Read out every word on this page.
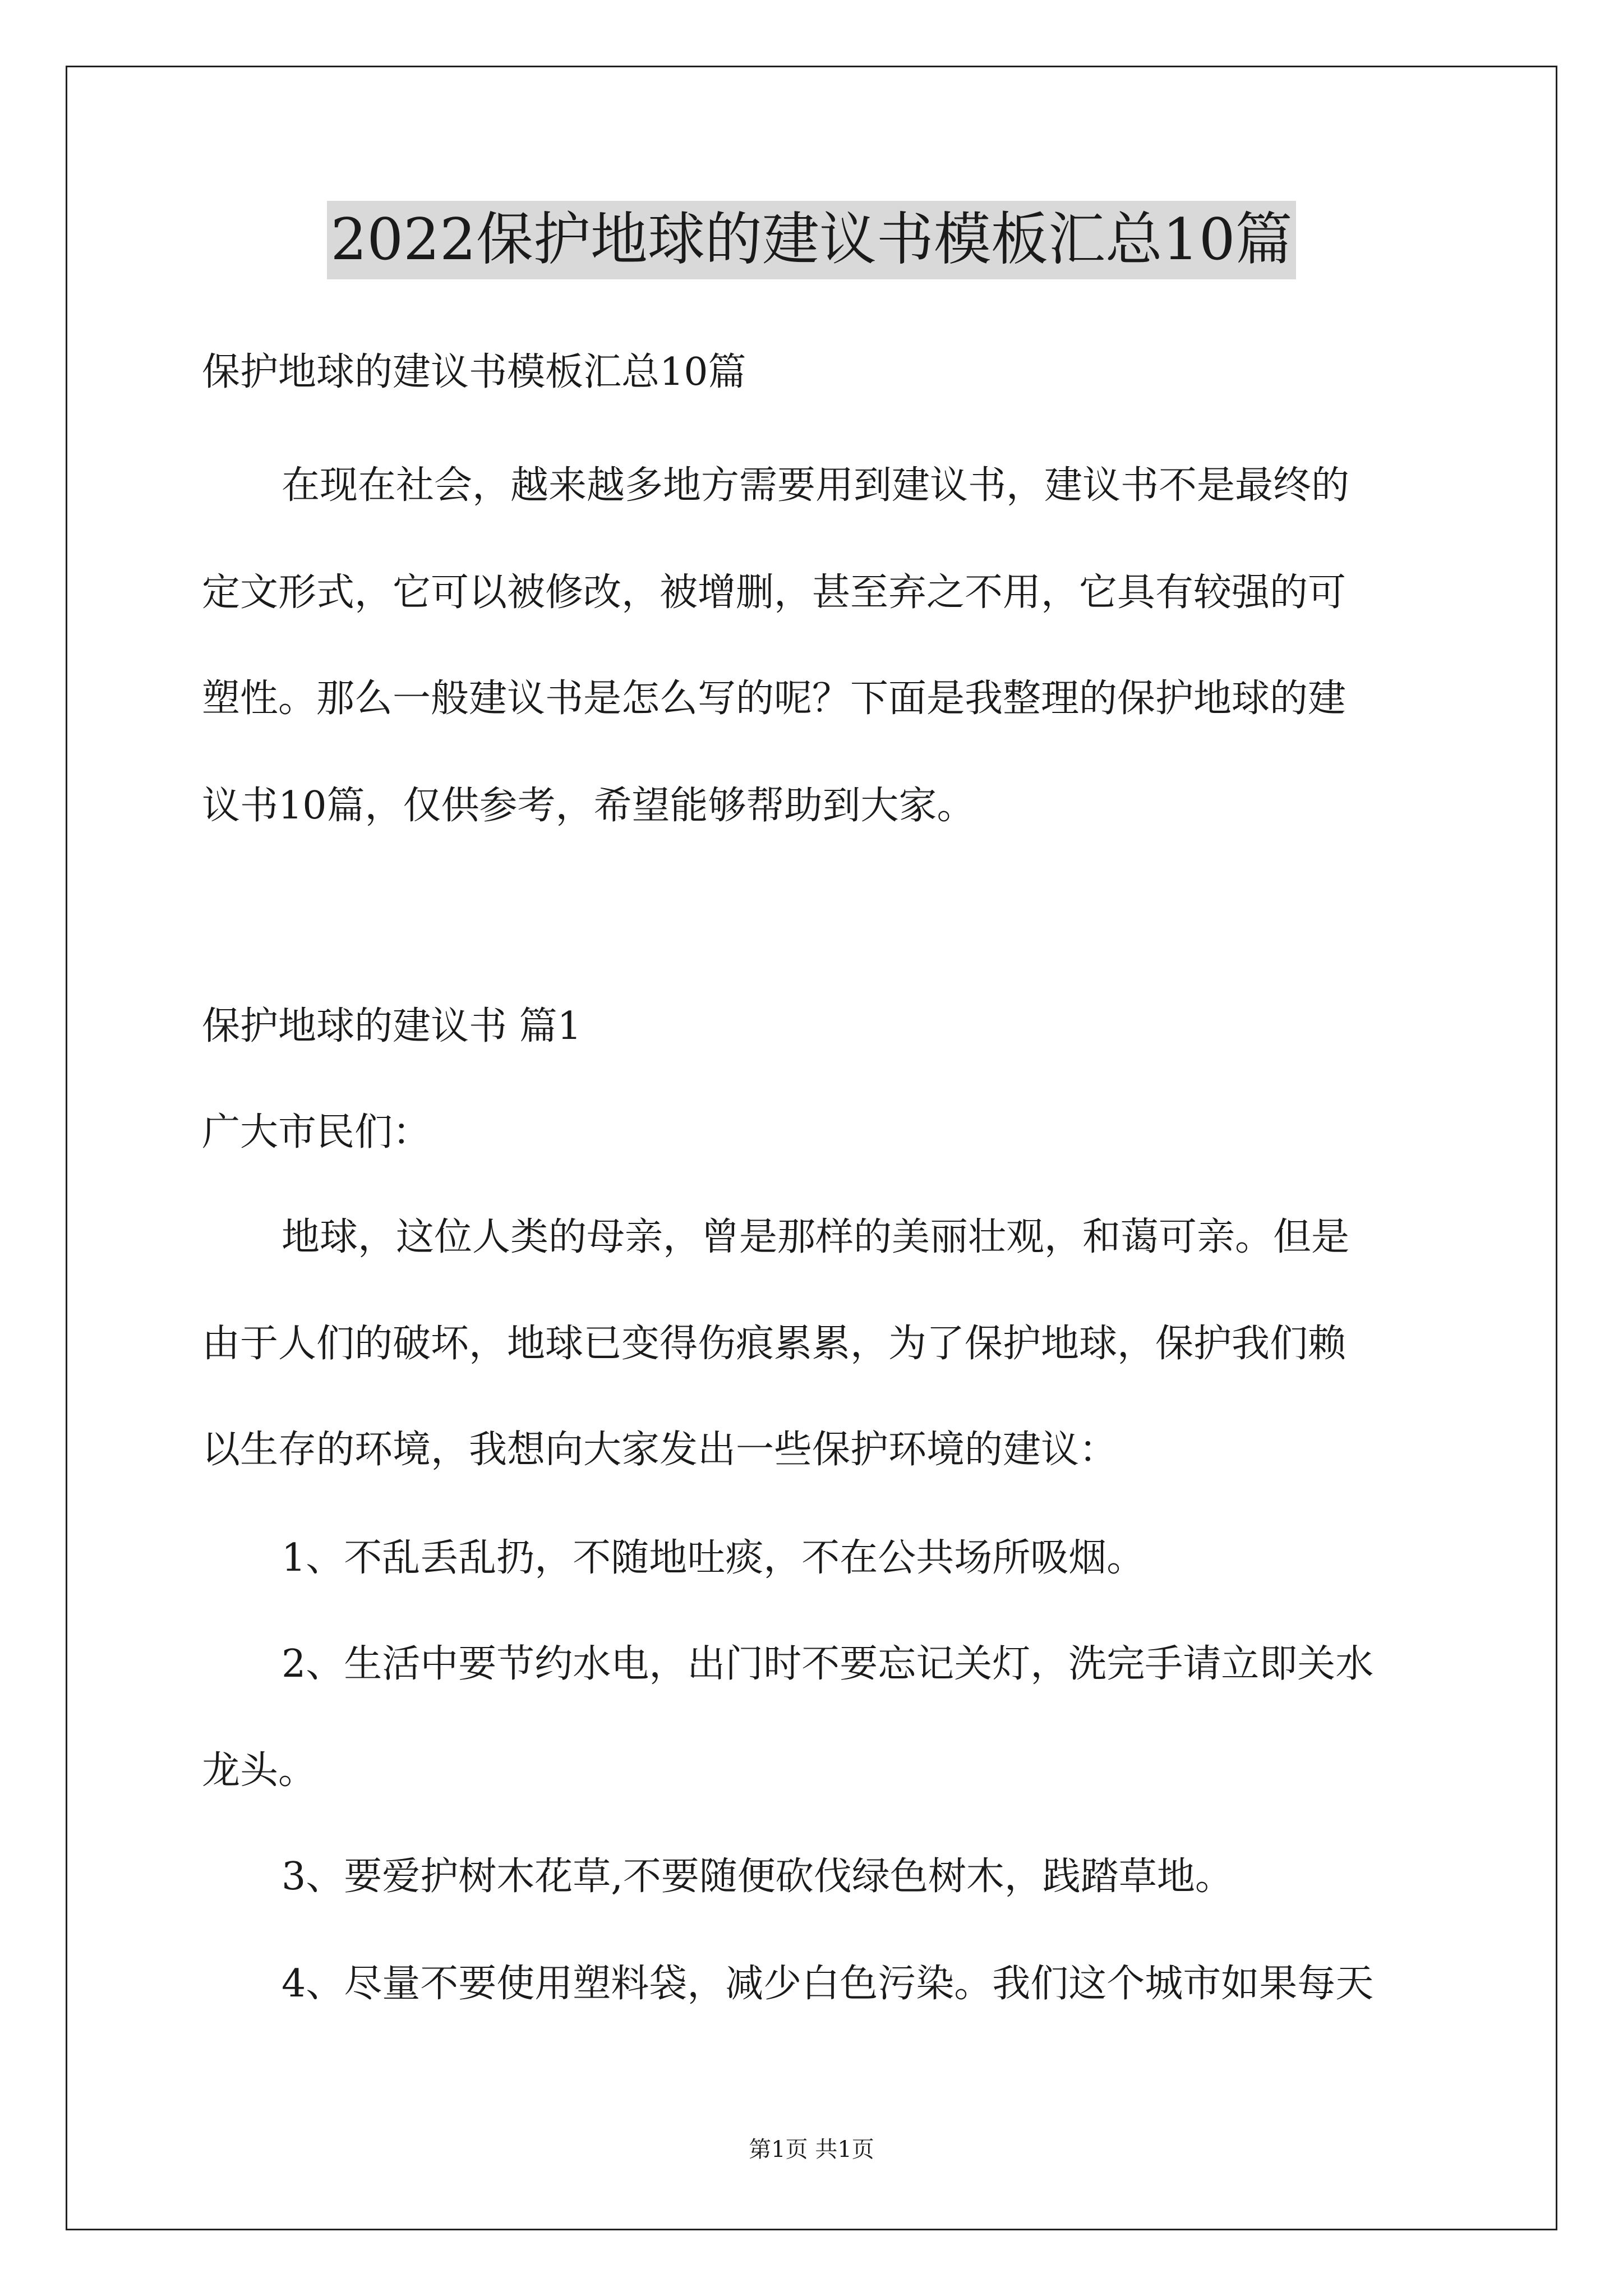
2022保护地球的建议书模板汇总10篇

保护地球的建议书模板汇总10篇

在现在社会，越来越多地方需要用到建议书，建议书不是最终的

定文形式，它可以被修改，被增删，甚至弃之不用，它具有较强的可

塑性。那么一般建议书是怎么写的呢？下面是我整理的保护地球的建

议书10篇，仅供参考，希望能够帮助到大家。

保护地球的建议书 篇1

广大市民们：

地球，这位人类的母亲，曾是那样的美丽壮观，和蔼可亲。但是

由于人们的破坏，地球已变得伤痕累累，为了保护地球，保护我们赖

以生存的环境，我想向大家发出一些保护环境的建议：

1、不乱丢乱扔，不随地吐痰，不在公共场所吸烟。

2、生活中要节约水电，出门时不要忘记关灯，洗完手请立即关水

龙头。

3、要爱护树木花草,不要随便砍伐绿色树木，践踏草地。

4、尽量不要使用塑料袋，减少白色污染。我们这个城市如果每天

第1页 共1页
